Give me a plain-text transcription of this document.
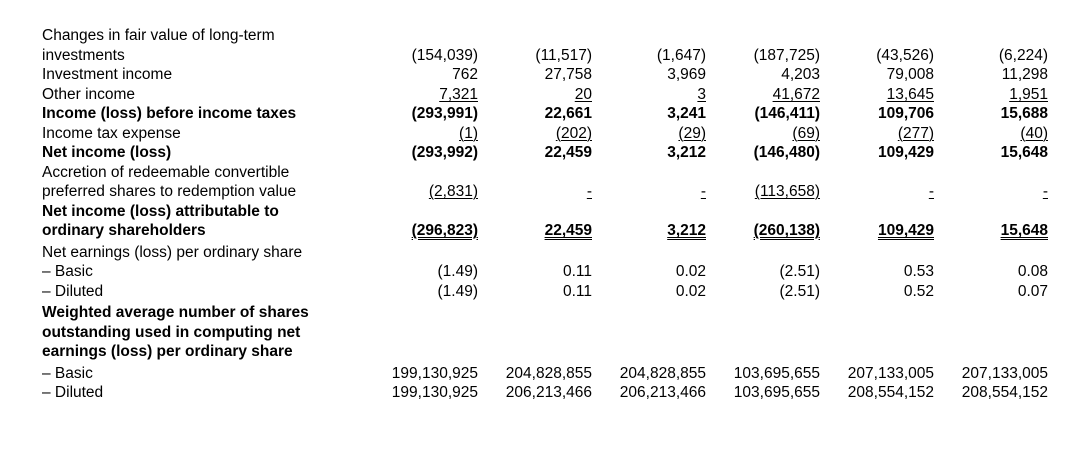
Changes in fair value of long-term
investments	(154,039)	(11,517)	(1,647)	(187,725)	(43,526)	(6,224)
Investment income	762	27,758	3,969	4,203	79,008	11,298
Other income	7,321	20	3	41,672	13,645	1,951
Income (loss) before income taxes	(293,991)	22,661	3,241	(146,411)	109,706	15,688
Income tax expense	(1)	(202)	(29)	(69)	(277)	(40)
Net income (loss)	(293,992)	22,459	3,212	(146,480)	109,429	15,648
Accretion of redeemable convertible
preferred shares to redemption value	(2,831)	-	-	(113,658)	-	-
Net income (loss) attributable to
ordinary shareholders	(296,823)	22,459	3,212	(260,138)	109,429	15,648

Net earnings (loss) per ordinary share						
– Basic	(1.49)	0.11	0.02	(2.51)	0.53	0.08
– Diluted	(1.49)	0.11	0.02	(2.51)	0.52	0.07

Weighted average number of shares
outstanding used in computing net
earnings (loss) per ordinary share						

– Basic	199,130,925	204,828,855	204,828,855	103,695,655	207,133,005	207,133,005
– Diluted	199,130,925	206,213,466	206,213,466	103,695,655	208,554,152	208,554,152
